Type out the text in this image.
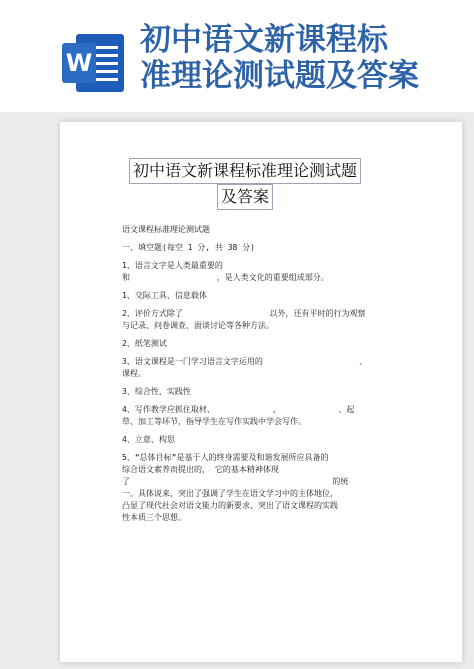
W
初中语文新课程标
准理论测试题及答案
初中语文新课程标准理论测试题
及答案

语文课程标准理论测试题

一、填空题(每空 1 分, 共 38 分)

1、语言文字是人类最重要的

和                  ，是人类文化的重要组成部分。

1、交际工具、信息载体

2、评价方式除了                  以外，还有平时的行为观察

与记录、问卷调查、面谈讨论等各种方法。

2、纸笔测试

3、语文课程是一门学习语言文字运用的                    、

课程。

3、综合性、实践性

4、写作教学应抓住取材、            、            、起

草、加工等环节，指导学生在写作实践中学会写作。

4、立意、构思

5、“总体目标”是基于人的终身需要及和谐发展所应具备的

综合语文素养而提出的， 它的基本精神体现

了                                          的统

一。具体说来，突出了强调了学生在语文学习中的主体地位，

凸显了现代社会对语文能力的新要求、突出了语文课程的实践

性本质三个思想。
